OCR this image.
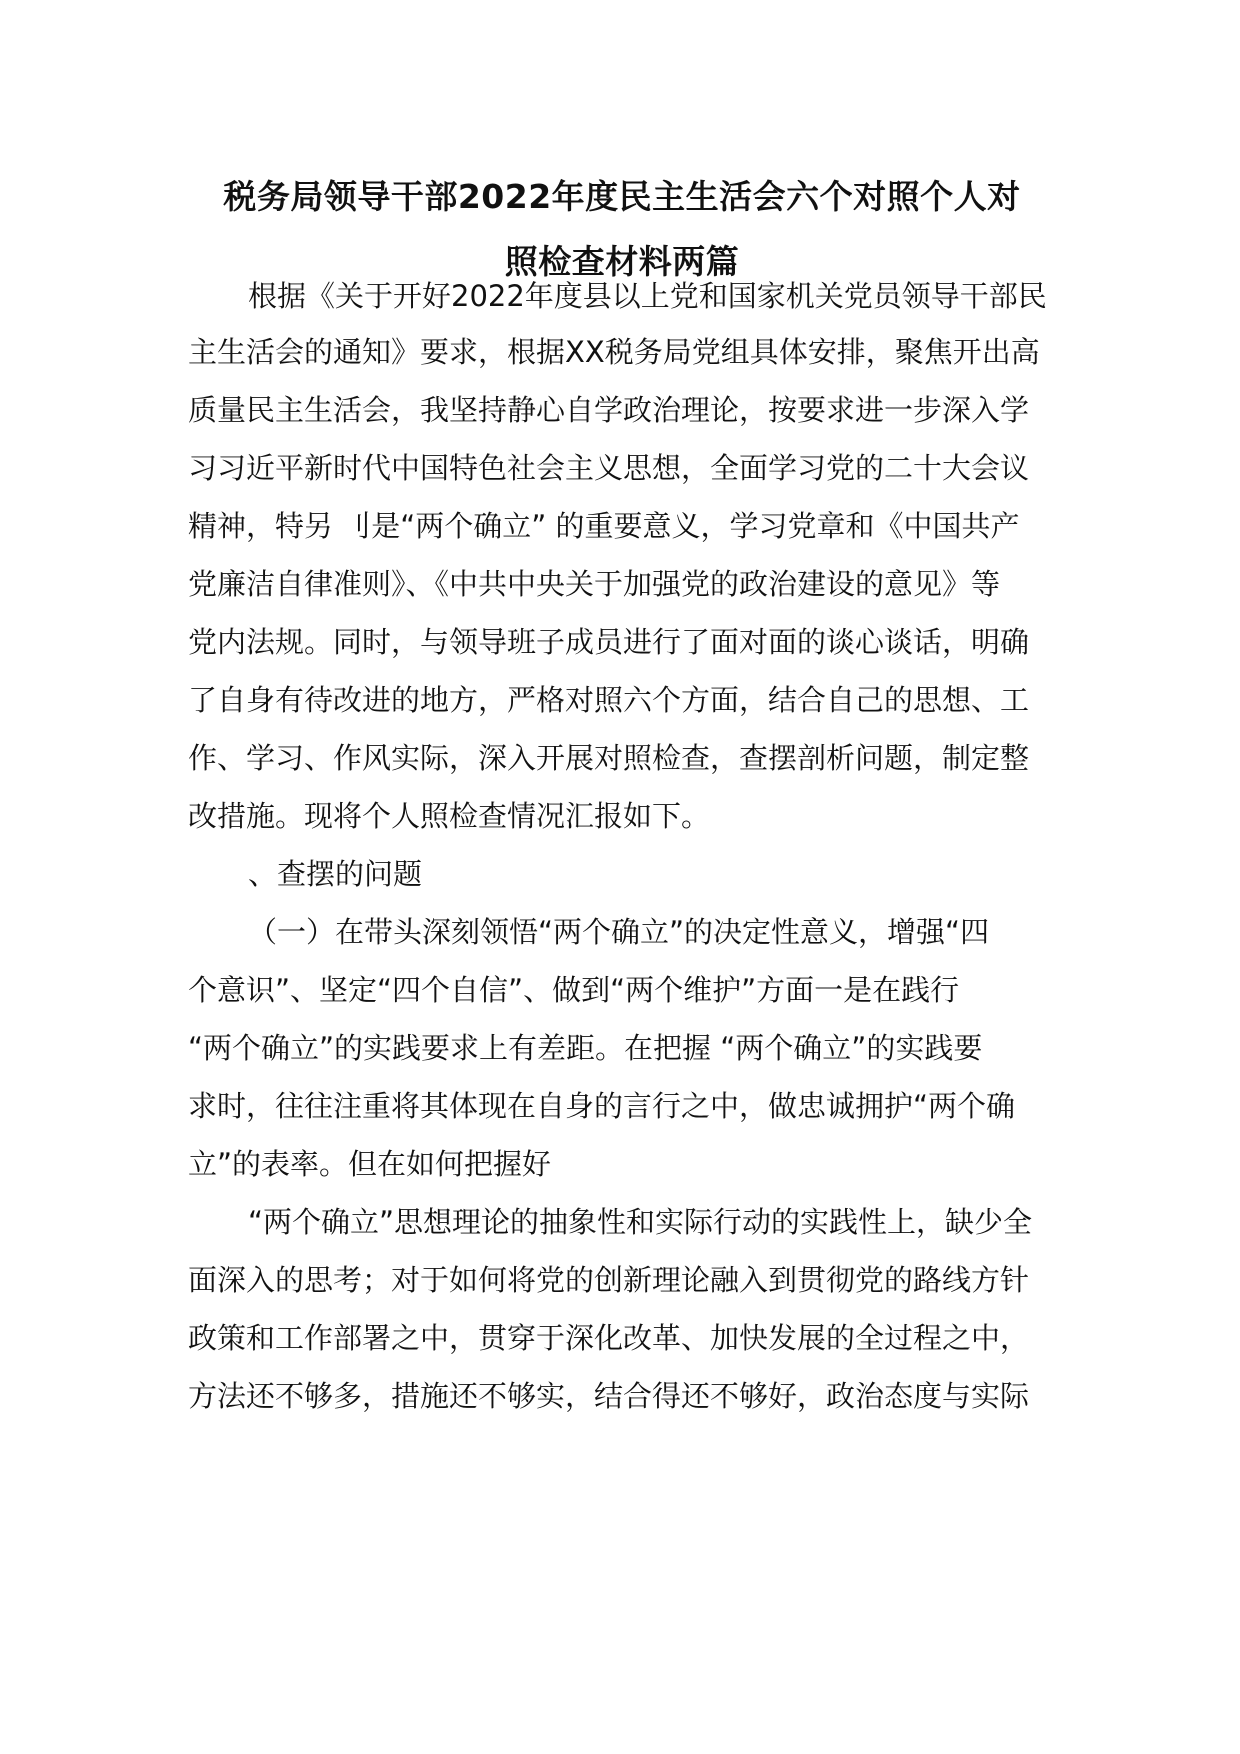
税务局领导干部2022年度民主生活会六个对照个人对
照检查材料两篇

根据《关于开好2022年度县以上党和国家机关党员领导干部民

主生活会的通知》要求，根据XX税务局党组具体安排，聚焦开出高

质量民主生活会，我坚持静心自学政治理论，按要求进一步深入学

习习近平新时代中国特色社会主义思想，全面学习党的二十大会议

精神，特另 刂是“两个确立” 的重要意义，学习党章和《中国共产

党廉洁自律准则》、《中共中央关于加强党的政治建设的意见》等

党内法规。同时，与领导班子成员进行了面对面的谈心谈话，明确

了自身有待改进的地方，严格对照六个方面，结合自己的思想、工

作、学习、作风实际，深入开展对照检查，查摆剖析问题，制定整

改措施。现将个人照检查情况汇报如下。

、查摆的问题

（一）在带头深刻领悟“两个确立”的决定性意义，增强“四

个意识”、坚定“四个自信”、做到“两个维护”方面一是在践行

“两个确立”的实践要求上有差距。在把握 “两个确立”的实践要

求时，往往注重将其体现在自身的言行之中，做忠诚拥护“两个确

立”的表率。但在如何把握好

“两个确立”思想理论的抽象性和实际行动的实践性上，缺少全

面深入的思考；对于如何将党的创新理论融入到贯彻党的路线方针

政策和工作部署之中，贯穿于深化改革、加快发展的全过程之中，

方法还不够多，措施还不够实，结合得还不够好，政治态度与实际
